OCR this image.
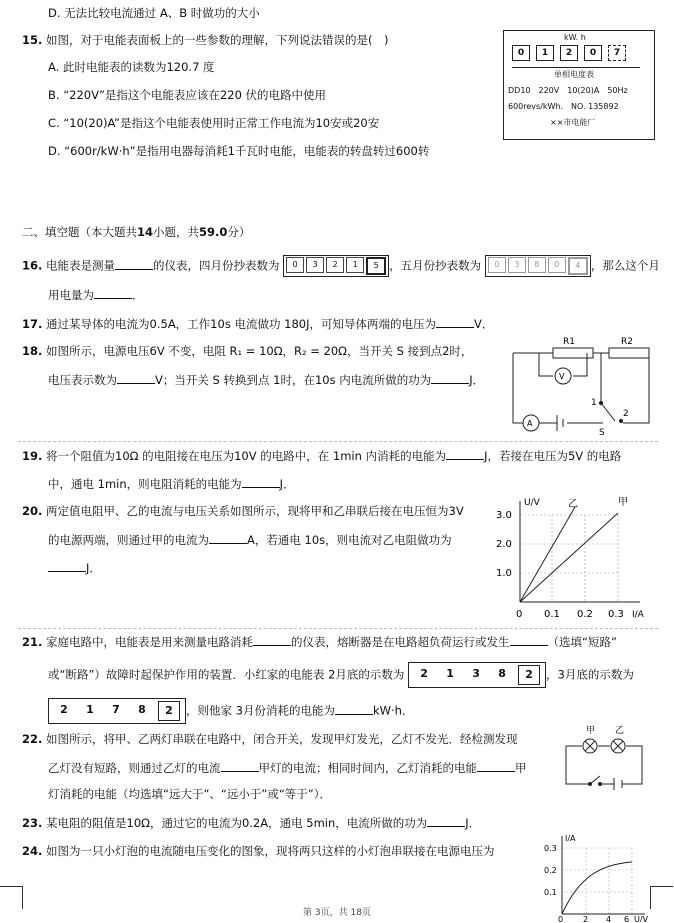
D. 无法比较电流通过 A、B 时做功的大小
15. 如图，对于电能表面板上的一些参数的理解，下列说法错误的是(　)
A. 此时电能表的读数为120.7 度
B. “220V”是指这个电能表应该在220 伏的电路中使用
C. “10(20)A”是指这个电能表使用时正常工作电流为10安或20安
D. “600r/kW·h”是指用电器每消耗1千瓦时电能，电能表的转盘转过600转
kW. h
0	1	2	0	7
单相电度表
DD10　220V　10(20)A　50Hz
600revs/kWh.　NO. 135892
××市电能厂
二、填空题（本大题共14小题，共59.0分）
16. 电能表是测量	的仪表，四月份抄表数为	0	3	2	1	5 ，五月份抄表数为	0	3	8	0	4 ，那么这个月
用电量为	．
17. 通过某导体的电流为0.5A，工作10s 电流做功 180J，可知导体两端的电压为	V．
18. 如图所示，电源电压6V 不变，电阻 R₁ = 10Ω，R₂ = 20Ω，当开关 S 接到点2时，
电压表示数为	V；当开关 S 转换到点 1时，在10s 内电流所做的功为	J．
R1	R2
V
A
1
2
S
19. 将一个阻值为10Ω 的电阻接在电压为10V 的电路中，在 1min 内消耗的电能为	J，若接在电压为5V 的电路
中，通电 1min，则电阻消耗的电能为	J．
20. 两定值电阻甲、乙的电流与电压关系如图所示，现将甲和乙串联后接在电压恒为3V
的电源两端，则通过甲的电流为	A，若通电 10s，则电流对乙电阻做功为
J．
U/V
I/A
乙	甲
3.0
2.0
1.0
0 0.1 0.2 0.3
21. 家庭电路中，电能表是用来测量电路消耗	的仪表，熔断器是在电路超负荷运行或发生	（选填“短路”
或“断路”）故障时起保护作用的装置．小红家的电能表 2月底的示数为	2	1	3	8	2	，3月底的示数为
2	1	7	8	2	，则他家 3月份消耗的电能为	kW·h．
22. 如图所示，将甲、乙两灯串联在电路中，闭合开关，发现甲灯发光，乙灯不发光．经检测发现
乙灯没有短路，则通过乙灯的电流	甲灯的电流；相同时间内，乙灯消耗的电能	甲
灯消耗的电能（均选填“远大于”、“远小于”或“等于”）．
甲 乙
23. 某电阻的阻值是10Ω，通过它的电流为0.2A，通电 5min，电流所做的功为	J．
24. 如图为一只小灯泡的电流随电压变化的图象，现将两只这样的小灯泡串联接在电源电压为
I/A
U/V
0.3
0.2
0.1
0 2 4 6
第 3页，共 18页
